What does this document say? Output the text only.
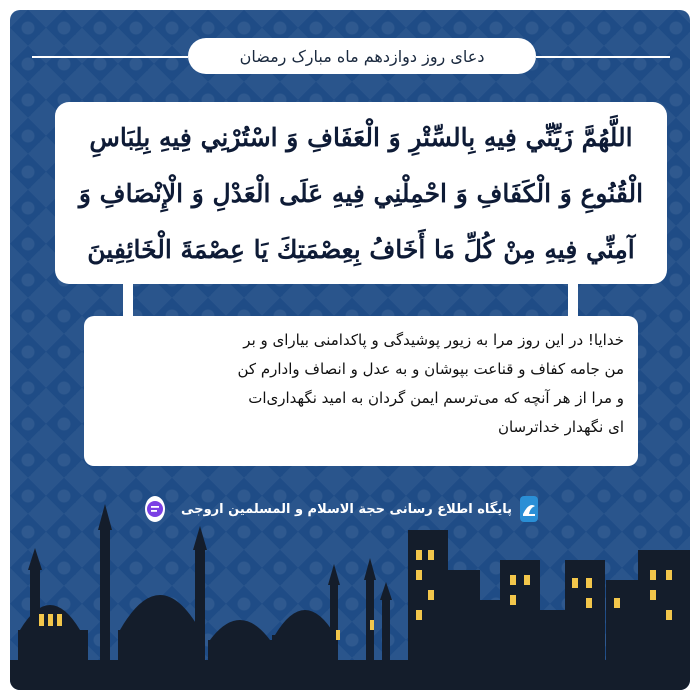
دعای روز دوازدهم ماه مبارک رمضان
اللَّهُمَّ زَيِّنِّي فِيهِ بِالسِّتْرِ وَ الْعَفَافِ وَ اسْتُرْنِي فِيهِ بِلِبَاسِ
الْقُنُوعِ وَ الْكَفَافِ وَ احْمِلْنِي فِيهِ عَلَى الْعَدْلِ وَ الْإِنْصَافِ وَ
آمِنِّي فِيهِ مِنْ كُلِّ مَا أَخَافُ بِعِصْمَتِكَ يَا عِصْمَةَ الْخَائِفِينَ
خدایا! در این روز مرا به زیور پوشیدگی و پاکدامنی بیارای و بر
من جامه کفاف و قناعت بپوشان و به عدل و انصاف وادارم کن
و مرا از هر آنچه که می‌ترسم ایمن گردان به امید نگهداری‌ات
ای نگهدار خداترسان
پایگاه اطلاع رسانی حجة الاسلام و المسلمین اروجی
